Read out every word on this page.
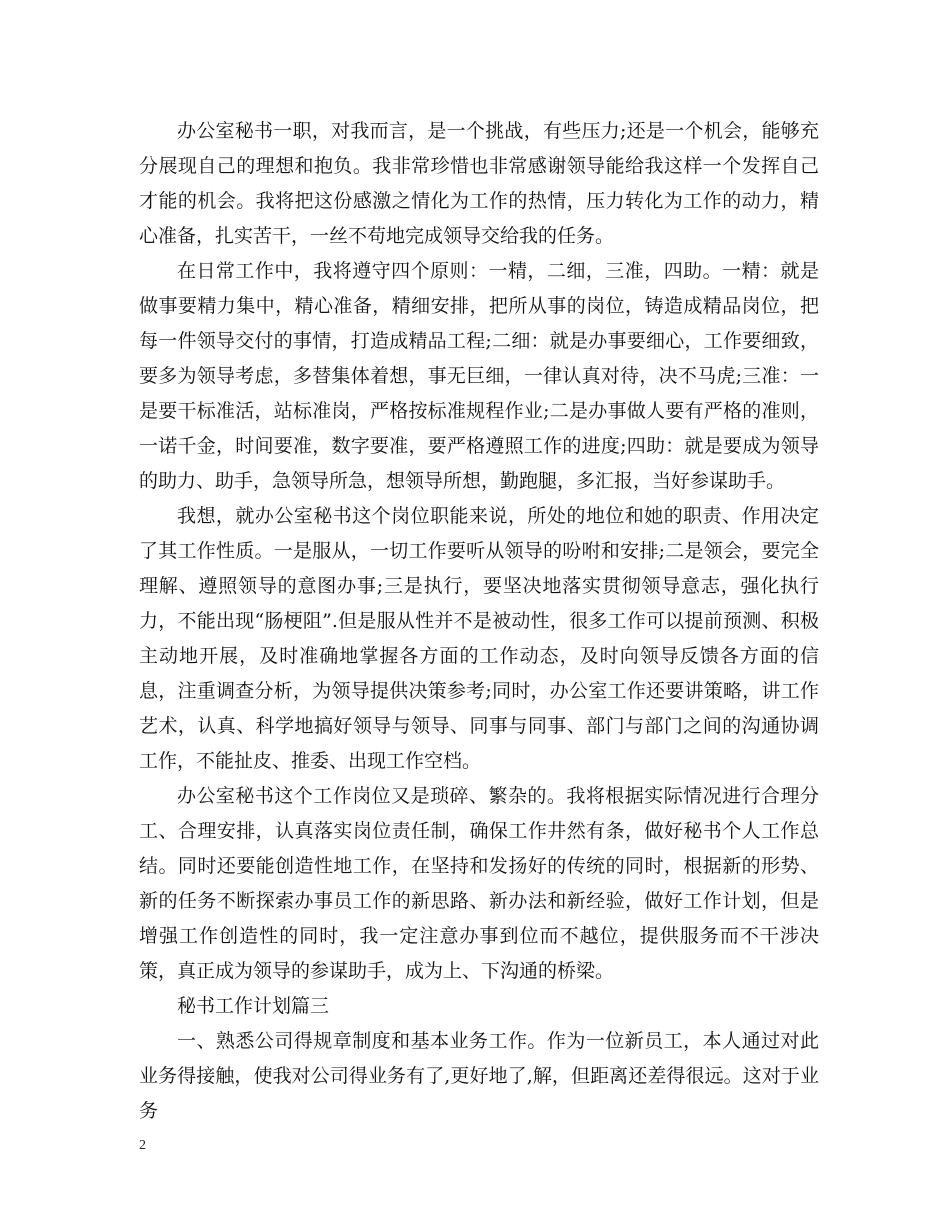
办公室秘书一职，对我而言，是一个挑战，有些压力;还是一个机会，能够充分展现自己的理想和抱负。我非常珍惜也非常感谢领导能给我这样一个发挥自己才能的机会。我将把这份感激之情化为工作的热情，压力转化为工作的动力，精心准备，扎实苦干，一丝不苟地完成领导交给我的任务。

在日常工作中，我将遵守四个原则：一精，二细，三准，四助。一精：就是做事要精力集中，精心准备，精细安排，把所从事的岗位，铸造成精品岗位，把每一件领导交付的事情，打造成精品工程;二细：就是办事要细心，工作要细致，要多为领导考虑，多替集体着想，事无巨细，一律认真对待，决不马虎;三准：一是要干标准活，站标准岗，严格按标准规程作业;二是办事做人要有严格的准则，一诺千金，时间要准，数字要准，要严格遵照工作的进度;四助：就是要成为领导的助力、助手，急领导所急，想领导所想，勤跑腿，多汇报，当好参谋助手。

我想，就办公室秘书这个岗位职能来说，所处的地位和她的职责、作用决定了其工作性质。一是服从，一切工作要听从领导的吩咐和安排;二是领会，要完全理解、遵照领导的意图办事;三是执行，要坚决地落实贯彻领导意志，强化执行力，不能出现“肠梗阻”.但是服从性并不是被动性，很多工作可以提前预测、积极主动地开展，及时准确地掌握各方面的工作动态，及时向领导反馈各方面的信息，注重调查分析，为领导提供决策参考;同时，办公室工作还要讲策略，讲工作艺术，认真、科学地搞好领导与领导、同事与同事、部门与部门之间的沟通协调工作，不能扯皮、推委、出现工作空档。

办公室秘书这个工作岗位又是琐碎、繁杂的。我将根据实际情况进行合理分工、合理安排，认真落实岗位责任制，确保工作井然有条，做好秘书个人工作总结。同时还要能创造性地工作，在坚持和发扬好的传统的同时，根据新的形势、新的任务不断探索办事员工作的新思路、新办法和新经验，做好工作计划，但是增强工作创造性的同时，我一定注意办事到位而不越位，提供服务而不干涉决策，真正成为领导的参谋助手，成为上、下沟通的桥梁。

秘书工作计划篇三

一、熟悉公司得规章制度和基本业务工作。作为一位新员工，本人通过对此业务得接触，使我对公司得业务有了,更好地了,解，但距离还差得很远。这对于业务

2
